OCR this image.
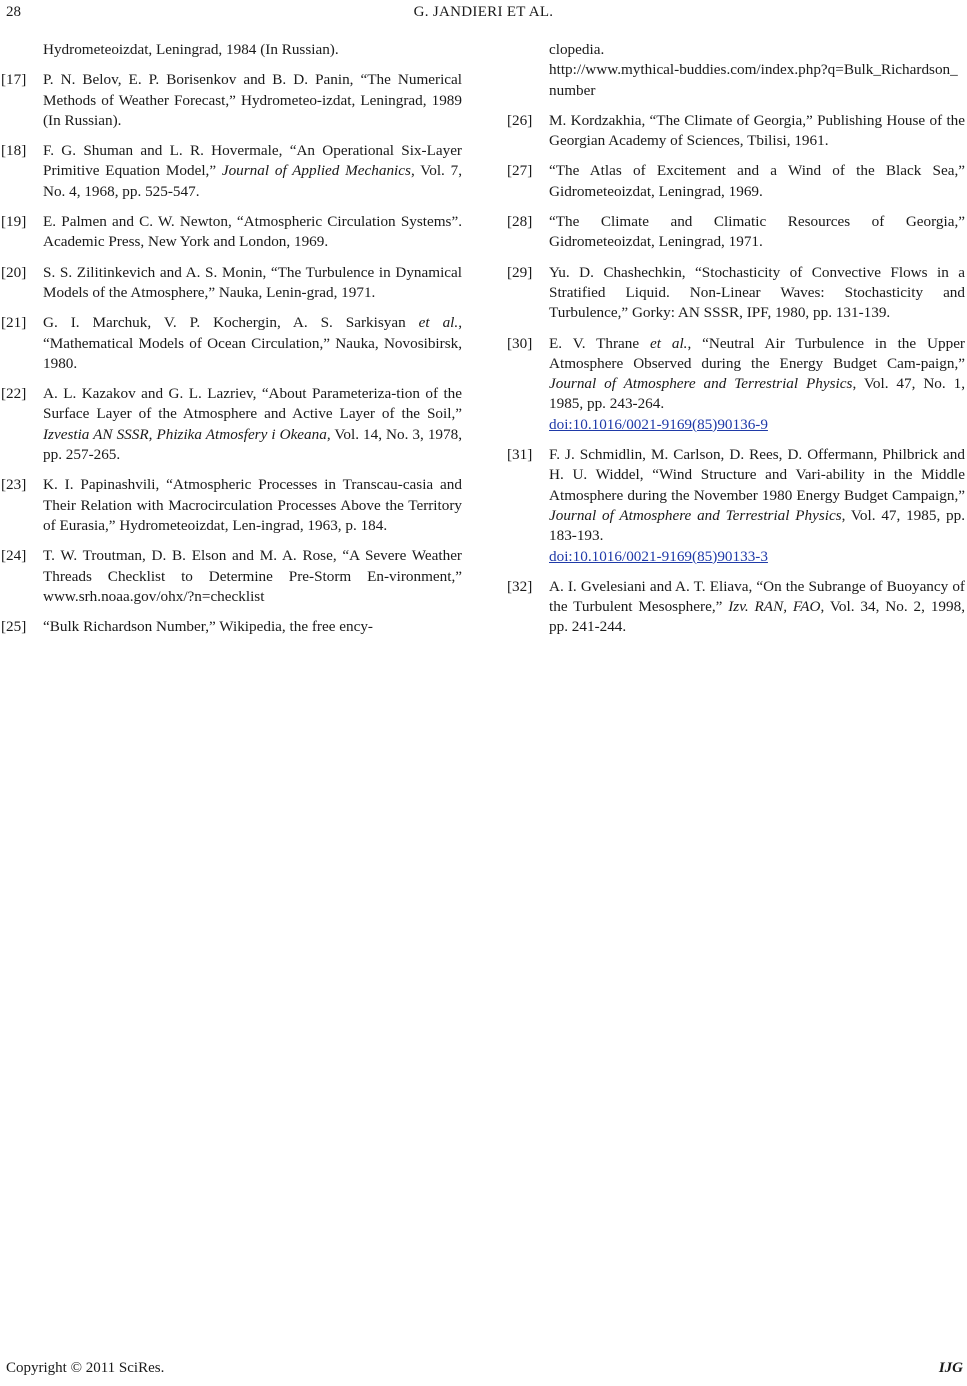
28	G. JANDIERI ET AL.
Hydrometeoizdat, Leningrad, 1984 (In Russian).
[17]	P. N. Belov, E. P. Borisenkov and B. D. Panin, “The Numerical Methods of Weather Forecast,” Hydrometeo-izdat, Leningrad, 1989 (In Russian).
[18]	F. G. Shuman and L. R. Hovermale, “An Operational Six-Layer Primitive Equation Model,” Journal of Applied Mechanics, Vol. 7, No. 4, 1968, pp. 525-547.
[19]	E. Palmen and C. W. Newton, “Atmospheric Circulation Systems”. Academic Press, New York and London, 1969.
[20]	S. S. Zilitinkevich and A. S. Monin, “The Turbulence in Dynamical Models of the Atmosphere,” Nauka, Lenin-grad, 1971.
[21]	G. I. Marchuk, V. P. Kochergin, A. S. Sarkisyan et al., “Mathematical Models of Ocean Circulation,” Nauka, Novosibirsk, 1980.
[22]	A. L. Kazakov and G. L. Lazriev, “About Parameteriza-tion of the Surface Layer of the Atmosphere and Active Layer of the Soil,” Izvestia AN SSSR, Phizika Atmosfery i Okeana, Vol. 14, No. 3, 1978, pp. 257-265.
[23]	K. I. Papinashvili, “Atmospheric Processes in Transcau-casia and Their Relation with Macrocirculation Processes Above the Territory of Eurasia,” Hydrometeoizdat, Len-ingrad, 1963, p. 184.
[24]	T. W. Troutman, D. B. Elson and M. A. Rose, “A Severe Weather Threads Checklist to Determine Pre-Storm En-vironment,” www.srh.noaa.gov/ohx/?n=checklist
[25]	“Bulk Richardson Number,” Wikipedia, the free ency-
clopedia.
http://www.mythical-buddies.com/index.php?q=Bulk_Richardson_number
[26]	M. Kordzakhia, “The Climate of Georgia,” Publishing House of the Georgian Academy of Sciences, Tbilisi, 1961.
[27]	“The Atlas of Excitement and a Wind of the Black Sea,” Gidrometeoizdat, Leningrad, 1969.
[28]	“The Climate and Climatic Resources of Georgia,” Gidrometeoizdat, Leningrad, 1971.
[29]	Yu. D. Chashechkin, “Stochasticity of Convective Flows in a Stratified Liquid. Non-Linear Waves: Stochasticity and Turbulence,” Gorky: AN SSSR, IPF, 1980, pp. 131-139.
[30]	E. V. Thrane et al., “Neutral Air Turbulence in the Upper Atmosphere Observed during the Energy Budget Cam-paign,” Journal of Atmosphere and Terrestrial Physics, Vol. 47, No. 1, 1985, pp. 243-264.
doi:10.1016/0021-9169(85)90136-9
[31]	F. J. Schmidlin, M. Carlson, D. Rees, D. Offermann, Philbrick and H. U. Widdel, “Wind Structure and Vari-ability in the Middle Atmosphere during the November 1980 Energy Budget Campaign,” Journal of Atmosphere and Terrestrial Physics, Vol. 47, 1985, pp. 183-193.
doi:10.1016/0021-9169(85)90133-3
[32]	A. I. Gvelesiani and A. T. Eliava, “On the Subrange of Buoyancy of the Turbulent Mesosphere,” Izv. RAN, FAO, Vol. 34, No. 2, 1998, pp. 241-244.
Copyright © 2011 SciRes.	IJG
